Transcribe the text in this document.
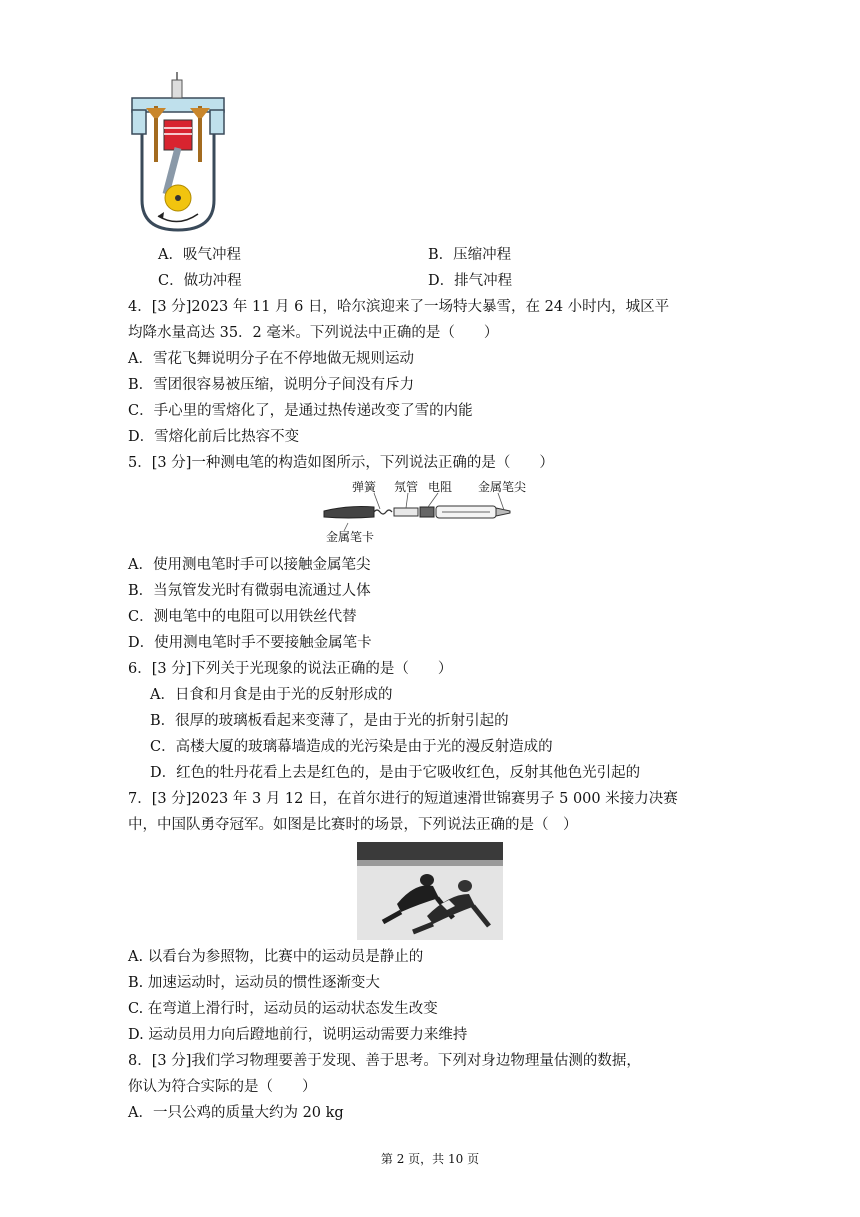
A．吸气冲程	B．压缩冲程
C．做功冲程	D．排气冲程
4．[3 分]2023 年 11 月 6 日，哈尔滨迎来了一场特大暴雪，在 24 小时内，城区平
均降水量高达 35．2 毫米。下列说法中正确的是（　　）
A．雪花飞舞说明分子在不停地做无规则运动
B．雪团很容易被压缩，说明分子间没有斥力
C．手心里的雪熔化了，是通过热传递改变了雪的内能
D．雪熔化前后比热容不变
5．[3 分]一种测电笔的构造如图所示，下列说法正确的是（　　）
弹簧 氖管 电阻 金属笔尖
金属笔卡
A．使用测电笔时手可以接触金属笔尖
B．当氖管发光时有微弱电流通过人体
C．测电笔中的电阻可以用铁丝代替
D．使用测电笔时手不要接触金属笔卡
6．[3 分]下列关于光现象的说法正确的是（　　）
A．日食和月食是由于光的反射形成的
B．很厚的玻璃板看起来变薄了，是由于光的折射引起的
C．高楼大厦的玻璃幕墙造成的光污染是由于光的漫反射造成的
D．红色的牡丹花看上去是红色的，是由于它吸收红色，反射其他色光引起的
7．[3 分]2023 年 3 月 12 日，在首尔进行的短道速滑世锦赛男子 5 000 米接力决赛
中，中国队勇夺冠军。如图是比赛时的场景，下列说法正确的是（　）
A. 以看台为参照物，比赛中的运动员是静止的
B. 加速运动时，运动员的惯性逐渐变大
C. 在弯道上滑行时，运动员的运动状态发生改变
D. 运动员用力向后蹬地前行，说明运动需要力来维持
8．[3 分]我们学习物理要善于发现、善于思考。下列对身边物理量估测的数据，
你认为符合实际的是（　　）
A．一只公鸡的质量大约为 20 kg
第 2 页，共 10 页
